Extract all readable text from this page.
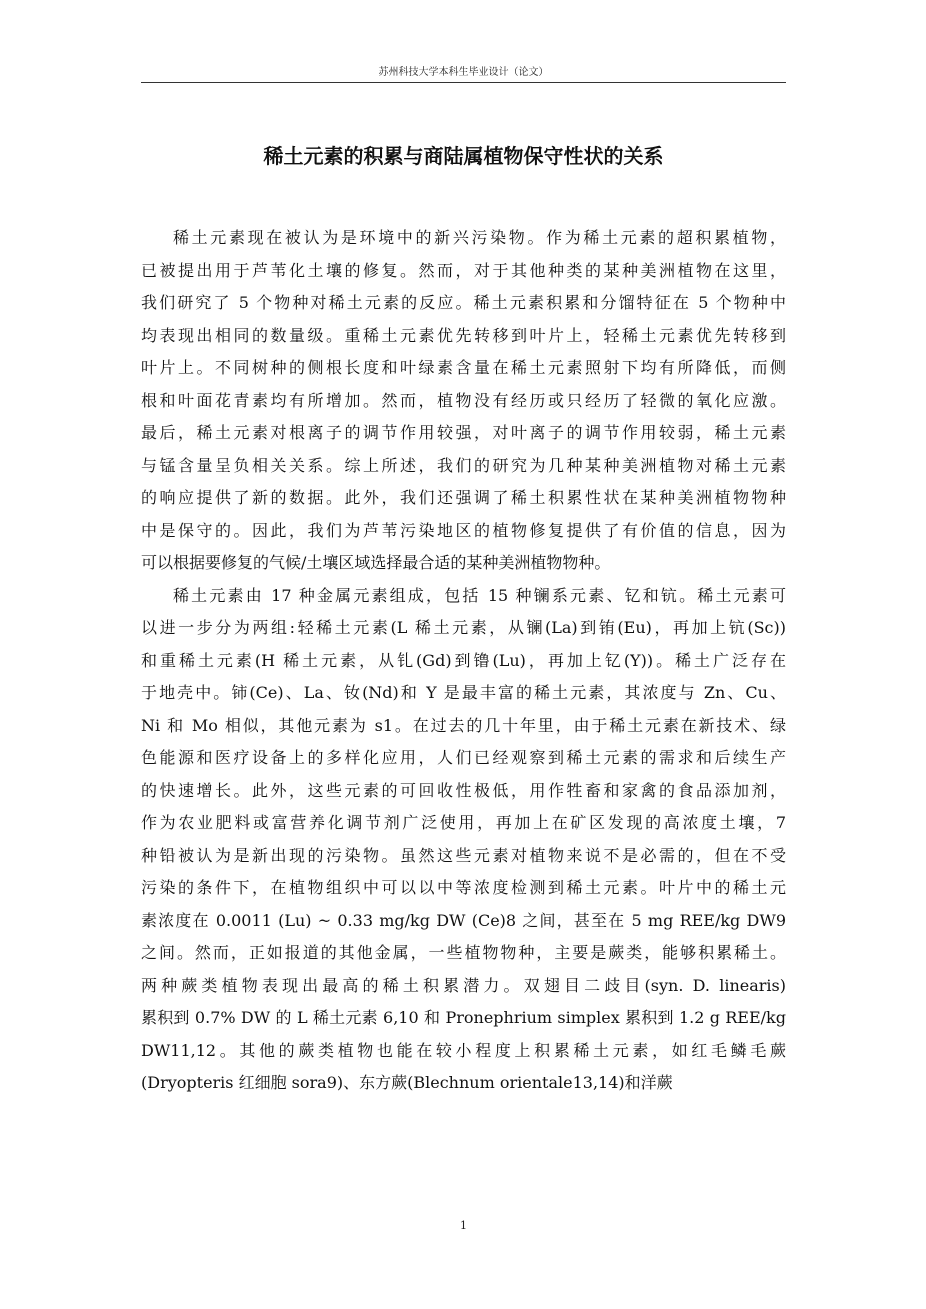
苏州科技大学本科生毕业设计（论文）
稀土元素的积累与商陆属植物保守性状的关系

稀土元素现在被认为是环境中的新兴污染物。作为稀土元素的超积累植物，
已被提出用于芦苇化土壤的修复。然而，对于其他种类的某种美洲植物在这里，
我们研究了 5 个物种对稀土元素的反应。稀土元素积累和分馏特征在 5 个物种中
均表现出相同的数量级。重稀土元素优先转移到叶片上，轻稀土元素优先转移到
叶片上。不同树种的侧根长度和叶绿素含量在稀土元素照射下均有所降低，而侧
根和叶面花青素均有所增加。然而，植物没有经历或只经历了轻微的氧化应激。
最后，稀土元素对根离子的调节作用较强，对叶离子的调节作用较弱，稀土元素
与锰含量呈负相关关系。综上所述，我们的研究为几种某种美洲植物对稀土元素
的响应提供了新的数据。此外，我们还强调了稀土积累性状在某种美洲植物物种
中是保守的。因此，我们为芦苇污染地区的植物修复提供了有价值的信息，因为
可以根据要修复的气候/土壤区域选择最合适的某种美洲植物物种。

稀土元素由 17 种金属元素组成，包括 15 种镧系元素、钇和钪。稀土元素可
以进一步分为两组:轻稀土元素(L 稀土元素，从镧(La)到铕(Eu)，再加上钪(Sc))
和重稀土元素(H 稀土元素，从钆(Gd)到镥(Lu)，再加上钇(Y))。稀土广泛存在
于地壳中。铈(Ce)、La、钕(Nd)和 Y 是最丰富的稀土元素，其浓度与 Zn、Cu、
Ni 和 Mo 相似，其他元素为 s1。在过去的几十年里，由于稀土元素在新技术、绿
色能源和医疗设备上的多样化应用，人们已经观察到稀土元素的需求和后续生产
的快速增长。此外，这些元素的可回收性极低，用作牲畜和家禽的食品添加剂，
作为农业肥料或富营养化调节剂广泛使用，再加上在矿区发现的高浓度土壤，7
种铅被认为是新出现的污染物。虽然这些元素对植物来说不是必需的，但在不受
污染的条件下，在植物组织中可以以中等浓度检测到稀土元素。叶片中的稀土元
素浓度在 0.0011 (Lu) ~ 0.33 mg/kg DW (Ce)8 之间，甚至在 5 mg REE/kg DW9
之间。然而，正如报道的其他金属，一些植物物种，主要是蕨类，能够积累稀土。
两种蕨类植物表现出最高的稀土积累潜力。双翅目二歧目(syn. D. linearis)
累积到 0.7% DW 的 L 稀土元素 6,10 和 Pronephrium simplex 累积到 1.2 g REE/kg
DW11,12。其他的蕨类植物也能在较小程度上积累稀土元素，如红毛鳞毛蕨
(Dryopteris 红细胞 sora9)、东方蕨(Blechnum orientale13,14)和洋蕨

1
